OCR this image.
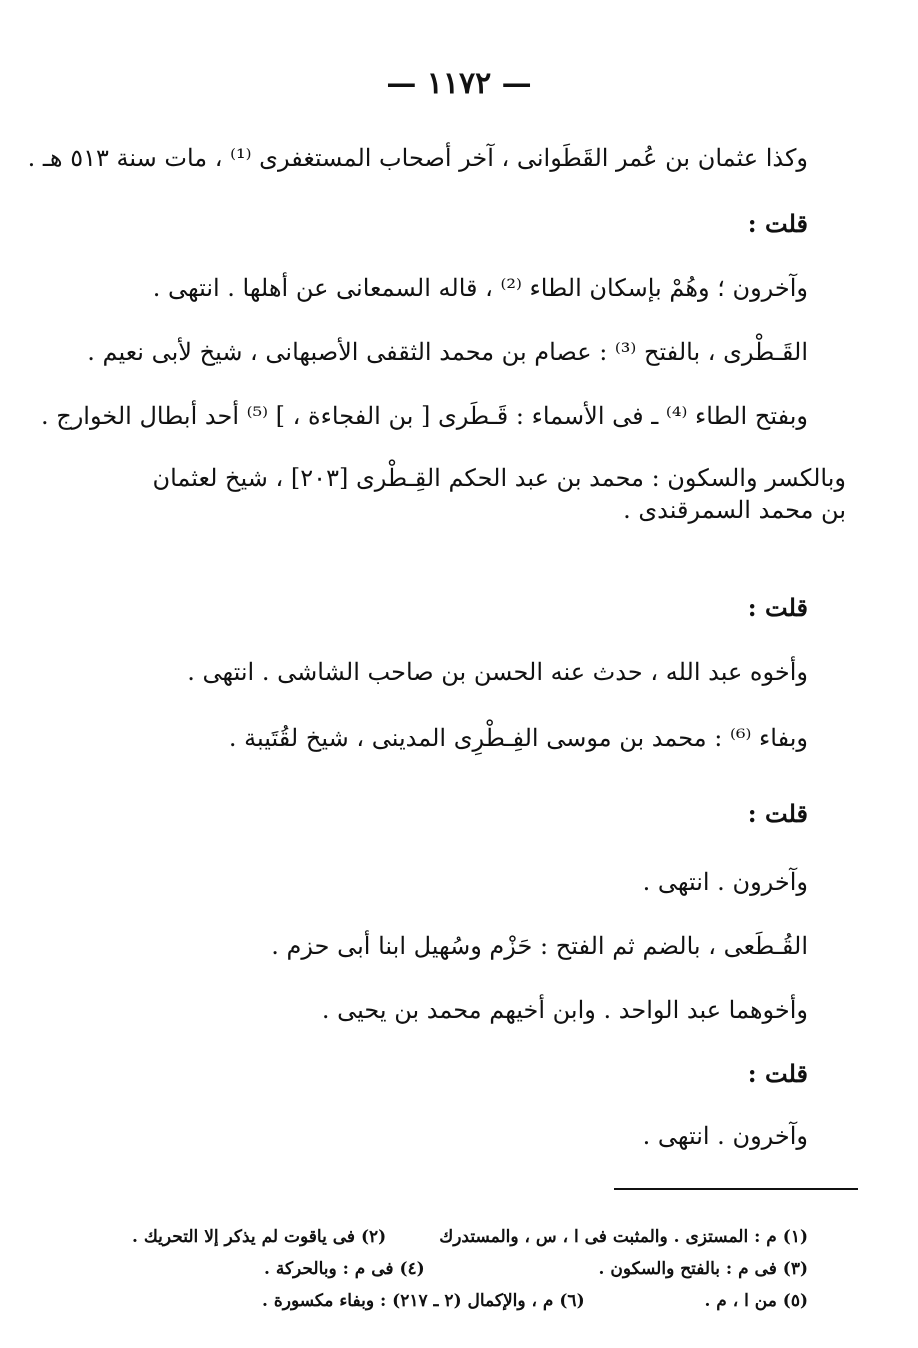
— ١١٧٢ —
وكذا عثمان بن عُمر القَطَوانى ، آخر أصحاب المستغفرى ⁽¹⁾ ، مات سنة ٥١٣ هـ .
قلت :
وآخرون ؛ وهُمْ بإسكان الطاء ⁽²⁾ ، قاله السمعانى عن أهلها . انتهى .
القَـطْرى ، بالفتح ⁽³⁾ : عصام بن محمد الثقفى الأصبهانى ، شيخ لأبى نعيم .
وبفتح الطاء ⁽⁴⁾ ـ فى الأسماء : قَـطَرى [ بن الفجاءة ، ] ⁽⁵⁾ أحد أبطال الخوارج .
وبالكسر والسكون : محمد بن عبد الحكم القِـطْرى [٢٠٣] ، شيخ لعثمان بن محمد السمرقندى .
قلت :
وأخوه عبد الله ، حدث عنه الحسن بن صاحب الشاشى . انتهى .
وبفاء ⁽⁶⁾ : محمد بن موسى الفِـطْرِى المدينى ، شيخ لقُتَيبة .
قلت :
وآخرون . انتهى .
القُـطَعى ، بالضم ثم الفتح : حَزْم وسُهيل ابنا أبى حزم .
وأخوهما عبد الواحد . وابن أخيهم محمد بن يحيى .
قلت :
وآخرون . انتهى .
(١) م : المستزى . والمثبت فى ا ، س ، والمستدرك
(٢) فى ياقوت لم يذكر إلا التحريك .
(٣) فى م : بالفتح والسكون .
(٤) فى م : وبالحركة .
(٥) من ا ، م .
(٦) م ، والإكمال (٢ ـ ٢١٧) : وبفاء مكسورة .
